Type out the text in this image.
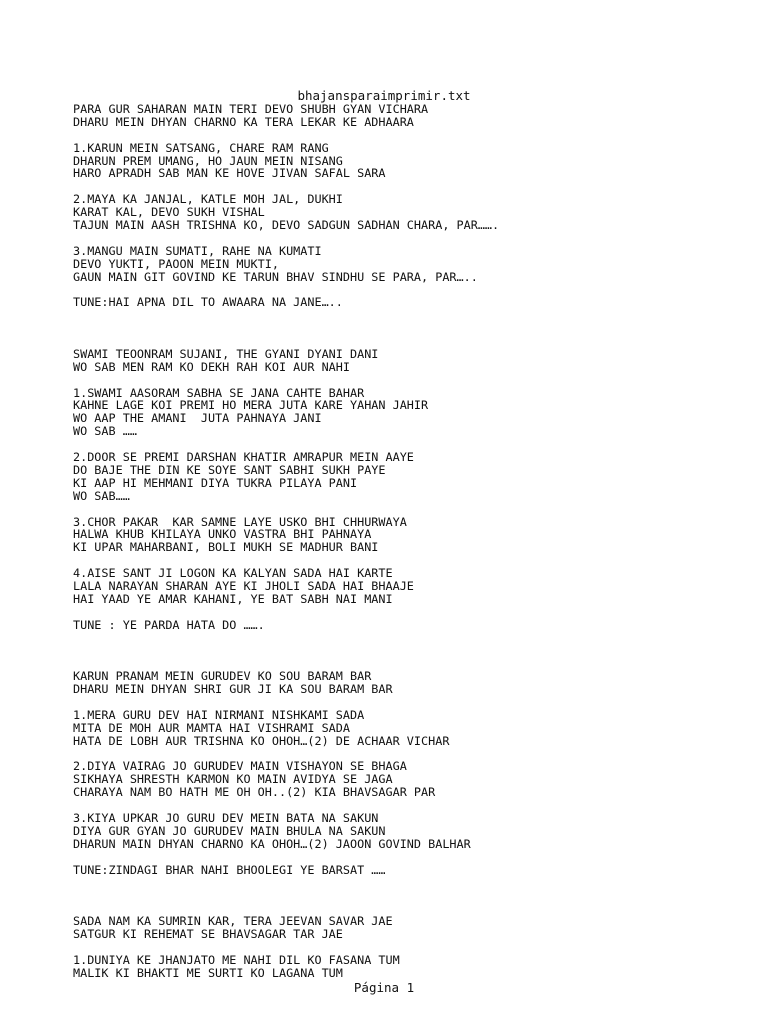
bhajansparaimprimir.txt
PARA GUR SAHARAN MAIN TERI DEVO SHUBH GYAN VICHARA
DHARU MEIN DHYAN CHARNO KA TERA LEKAR KE ADHAARA
1.KARUN MEIN SATSANG, CHARE RAM RANG
DHARUN PREM UMANG, HO JAUN MEIN NISANG
HARO APRADH SAB MAN KE HOVE JIVAN SAFAL SARA
2.MAYA KA JANJAL, KATLE MOH JAL, DUKHI
KARAT KAL, DEVO SUKH VISHAL
TAJUN MAIN AASH TRISHNA KO, DEVO SADGUN SADHAN CHARA, PAR…….
3.MANGU MAIN SUMATI, RAHE NA KUMATI
DEVO YUKTI, PAOON MEIN MUKTI,
GAUN MAIN GIT GOVIND KE TARUN BHAV SINDHU SE PARA, PAR…..
TUNE:HAI APNA DIL TO AWAARA NA JANE…..
SWAMI TEOONRAM SUJANI, THE GYANI DYANI DANI
WO SAB MEN RAM KO DEKH RAH KOI AUR NAHI
1.SWAMI AASORAM SABHA SE JANA CAHTE BAHAR
KAHNE LAGE KOI PREMI HO MERA JUTA KARE YAHAN JAHIR
WO AAP THE AMANI  JUTA PAHNAYA JANI
WO SAB ……
2.DOOR SE PREMI DARSHAN KHATIR AMRAPUR MEIN AAYE
DO BAJE THE DIN KE SOYE SANT SABHI SUKH PAYE
KI AAP HI MEHMANI DIYA TUKRA PILAYA PANI
WO SAB……
3.CHOR PAKAR  KAR SAMNE LAYE USKO BHI CHHURWAYA
HALWA KHUB KHILAYA UNKO VASTRA BHI PAHNAYA
KI UPAR MAHARBANI, BOLI MUKH SE MADHUR BANI
4.AISE SANT JI LOGON KA KALYAN SADA HAI KARTE
LALA NARAYAN SHARAN AYE KI JHOLI SADA HAI BHAAJE
HAI YAAD YE AMAR KAHANI, YE BAT SABH NAI MANI
TUNE : YE PARDA HATA DO …….
KARUN PRANAM MEIN GURUDEV KO SOU BARAM BAR
DHARU MEIN DHYAN SHRI GUR JI KA SOU BARAM BAR
1.MERA GURU DEV HAI NIRMANI NISHKAMI SADA
MITA DE MOH AUR MAMTA HAI VISHRAMI SADA
HATA DE LOBH AUR TRISHNA KO OHOH…(2) DE ACHAAR VICHAR
2.DIYA VAIRAG JO GURUDEV MAIN VISHAYON SE BHAGA
SIKHAYA SHRESTH KARMON KO MAIN AVIDYA SE JAGA
CHARAYA NAM BO HATH ME OH OH..(2) KIA BHAVSAGAR PAR
3.KIYA UPKAR JO GURU DEV MEIN BATA NA SAKUN
DIYA GUR GYAN JO GURUDEV MAIN BHULA NA SAKUN
DHARUN MAIN DHYAN CHARNO KA OHOH…(2) JAOON GOVIND BALHAR
TUNE:ZINDAGI BHAR NAHI BHOOLEGI YE BARSAT ……
SADA NAM KA SUMRIN KAR, TERA JEEVAN SAVAR JAE
SATGUR KI REHEMAT SE BHAVSAGAR TAR JAE
1.DUNIYA KE JHANJATO ME NAHI DIL KO FASANA TUM
MALIK KI BHAKTI ME SURTI KO LAGANA TUM
Página 1
